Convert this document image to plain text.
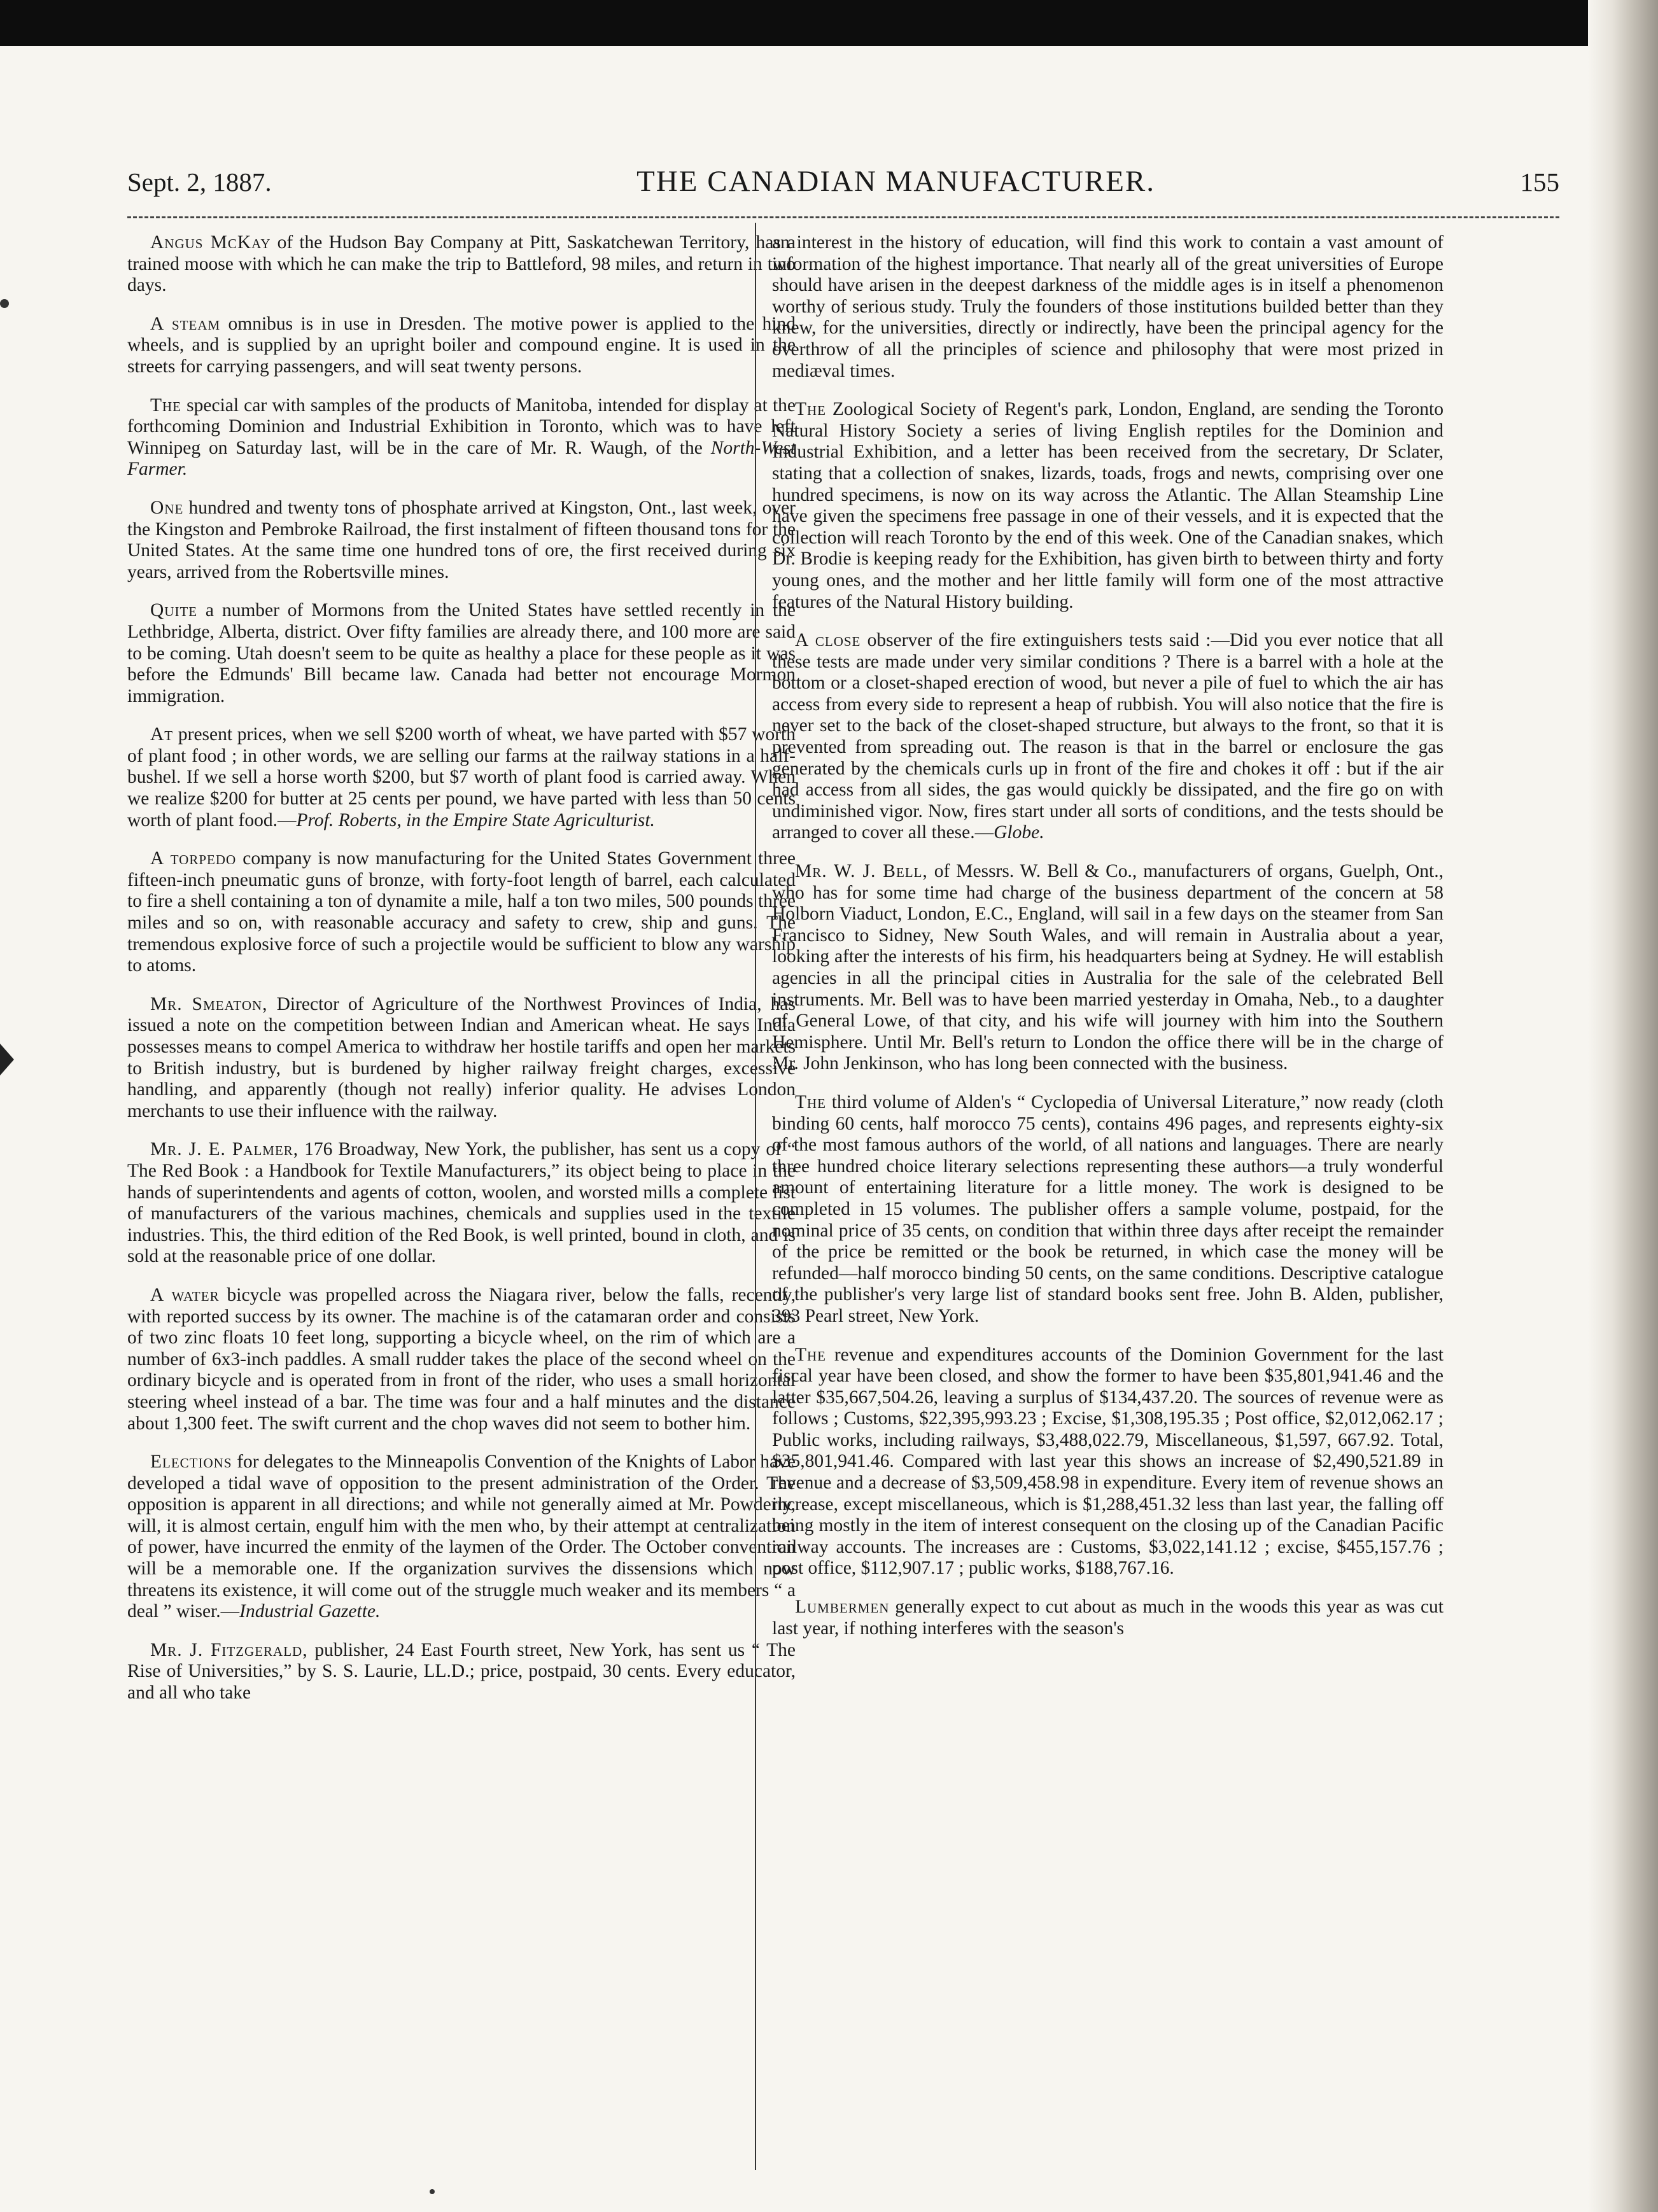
Sept. 2, 1887.	THE CANADIAN MANUFACTURER.	155

Angus McKay of the Hudson Bay Company at Pitt, Saskatchewan Territory, has a trained moose with which he can make the trip to Battleford, 98 miles, and return in two days.

A steam omnibus is in use in Dresden. The motive power is applied to the hind wheels, and is supplied by an upright boiler and compound engine. It is used in the streets for carrying passengers, and will seat twenty persons.

The special car with samples of the products of Manitoba, intended for display at the forthcoming Dominion and Industrial Exhibition in Toronto, which was to have left Winnipeg on Saturday last, will be in the care of Mr. R. Waugh, of the North-West Farmer.

One hundred and twenty tons of phosphate arrived at Kingston, Ont., last week, over the Kingston and Pembroke Railroad, the first instalment of fifteen thousand tons for the United States. At the same time one hundred tons of ore, the first received during six years, arrived from the Robertsville mines.

Quite a number of Mormons from the United States have settled recently in the Lethbridge, Alberta, district. Over fifty families are already there, and 100 more are said to be coming. Utah doesn't seem to be quite as healthy a place for these people as it was before the Edmunds' Bill became law. Canada had better not encourage Mormon immigration.

At present prices, when we sell $200 worth of wheat, we have parted with $57 worth of plant food ; in other words, we are selling our farms at the railway stations in a half-bushel. If we sell a horse worth $200, but $7 worth of plant food is carried away. When we realize $200 for butter at 25 cents per pound, we have parted with less than 50 cents worth of plant food.—Prof. Roberts, in the Empire State Agriculturist.

A torpedo company is now manufacturing for the United States Government three fifteen-inch pneumatic guns of bronze, with forty-foot length of barrel, each calculated to fire a shell containing a ton of dynamite a mile, half a ton two miles, 500 pounds three miles and so on, with reasonable accuracy and safety to crew, ship and guns. The tremendous explosive force of such a projectile would be sufficient to blow any warship to atoms.

Mr. Smeaton, Director of Agriculture of the Northwest Provinces of India, has issued a note on the competition between Indian and American wheat. He says India possesses means to compel America to withdraw her hostile tariffs and open her markets to British industry, but is burdened by higher railway freight charges, excessive handling, and apparently (though not really) inferior quality. He advises London merchants to use their influence with the railway.

Mr. J. E. Palmer, 176 Broadway, New York, the publisher, has sent us a copy of “ The Red Book : a Handbook for Textile Manufacturers,” its object being to place in the hands of superintendents and agents of cotton, woolen, and worsted mills a complete list of manufacturers of the various machines, chemicals and supplies used in the textile industries. This, the third edition of the Red Book, is well printed, bound in cloth, and is sold at the reasonable price of one dollar.

A water bicycle was propelled across the Niagara river, below the falls, recently, with reported success by its owner. The machine is of the catamaran order and consists of two zinc floats 10 feet long, supporting a bicycle wheel, on the rim of which are a number of 6x3-inch paddles. A small rudder takes the place of the second wheel on the ordinary bicycle and is operated from in front of the rider, who uses a small horizontal steering wheel instead of a bar. The time was four and a half minutes and the distance about 1,300 feet. The swift current and the chop waves did not seem to bother him.

Elections for delegates to the Minneapolis Convention of the Knights of Labor have developed a tidal wave of opposition to the present administration of the Order. The opposition is apparent in all directions; and while not generally aimed at Mr. Powderly, will, it is almost certain, engulf him with the men who, by their attempt at centralization of power, have incurred the enmity of the laymen of the Order. The October convention will be a memorable one. If the organization survives the dissensions which now threatens its existence, it will come out of the struggle much weaker and its members “ a deal ” wiser.—Industrial Gazette.

Mr. J. Fitzgerald, publisher, 24 East Fourth street, New York, has sent us “ The Rise of Universities,” by S. S. Laurie, LL.D.; price, postpaid, 30 cents. Every educator, and all who take

an interest in the history of education, will find this work to contain a vast amount of information of the highest importance. That nearly all of the great universities of Europe should have arisen in the deepest darkness of the middle ages is in itself a phenomenon worthy of serious study. Truly the founders of those institutions builded better than they knew, for the universities, directly or indirectly, have been the principal agency for the overthrow of all the principles of science and philosophy that were most prized in mediæval times.

The Zoological Society of Regent's park, London, England, are sending the Toronto Natural History Society a series of living English reptiles for the Dominion and Industrial Exhibition, and a letter has been received from the secretary, Dr Sclater, stating that a collection of snakes, lizards, toads, frogs and newts, comprising over one hundred specimens, is now on its way across the Atlantic. The Allan Steamship Line have given the specimens free passage in one of their vessels, and it is expected that the collection will reach Toronto by the end of this week. One of the Canadian snakes, which Dr. Brodie is keeping ready for the Exhibition, has given birth to between thirty and forty young ones, and the mother and her little family will form one of the most attractive features of the Natural History building.

A close observer of the fire extinguishers tests said :—Did you ever notice that all these tests are made under very similar conditions ? There is a barrel with a hole at the bottom or a closet-shaped erection of wood, but never a pile of fuel to which the air has access from every side to represent a heap of rubbish. You will also notice that the fire is never set to the back of the closet-shaped structure, but always to the front, so that it is prevented from spreading out. The reason is that in the barrel or enclosure the gas generated by the chemicals curls up in front of the fire and chokes it off : but if the air had access from all sides, the gas would quickly be dissipated, and the fire go on with undiminished vigor. Now, fires start under all sorts of conditions, and the tests should be arranged to cover all these.—Globe.

Mr. W. J. Bell, of Messrs. W. Bell & Co., manufacturers of organs, Guelph, Ont., who has for some time had charge of the business department of the concern at 58 Holborn Viaduct, London, E.C., England, will sail in a few days on the steamer from San Francisco to Sidney, New South Wales, and will remain in Australia about a year, looking after the interests of his firm, his headquarters being at Sydney. He will establish agencies in all the principal cities in Australia for the sale of the celebrated Bell instruments. Mr. Bell was to have been married yesterday in Omaha, Neb., to a daughter of General Lowe, of that city, and his wife will journey with him into the Southern Hemisphere. Until Mr. Bell's return to London the office there will be in the charge of Mr. John Jenkinson, who has long been connected with the business.

The third volume of Alden's “ Cyclopedia of Universal Literature,” now ready (cloth binding 60 cents, half morocco 75 cents), contains 496 pages, and represents eighty-six of the most famous authors of the world, of all nations and languages. There are nearly three hundred choice literary selections representing these authors—a truly wonderful amount of entertaining literature for a little money. The work is designed to be completed in 15 volumes. The publisher offers a sample volume, postpaid, for the nominal price of 35 cents, on condition that within three days after receipt the remainder of the price be remitted or the book be returned, in which case the money will be refunded—half morocco binding 50 cents, on the same conditions. Descriptive catalogue of the publisher's very large list of standard books sent free. John B. Alden, publisher, 393 Pearl street, New York.

The revenue and expenditures accounts of the Dominion Government for the last fiscal year have been closed, and show the former to have been $35,801,941.46 and the latter $35,667,504.26, leaving a surplus of $134,437.20. The sources of revenue were as follows ; Customs, $22,395,993.23 ; Excise, $1,308,195.35 ; Post office, $2,012,062.17 ; Public works, including railways, $3,488,022.79, Miscellaneous, $1,597, 667.92. Total, $35,801,941.46. Compared with last year this shows an increase of $2,490,521.89 in revenue and a decrease of $3,509,458.98 in expenditure. Every item of revenue shows an increase, except miscellaneous, which is $1,288,451.32 less than last year, the falling off being mostly in the item of interest consequent on the closing up of the Canadian Pacific railway accounts. The increases are : Customs, $3,022,141.12 ; excise, $455,157.76 ; post office, $112,907.17 ; public works, $188,767.16.

Lumbermen generally expect to cut about as much in the woods this year as was cut last year, if nothing interferes with the season's
